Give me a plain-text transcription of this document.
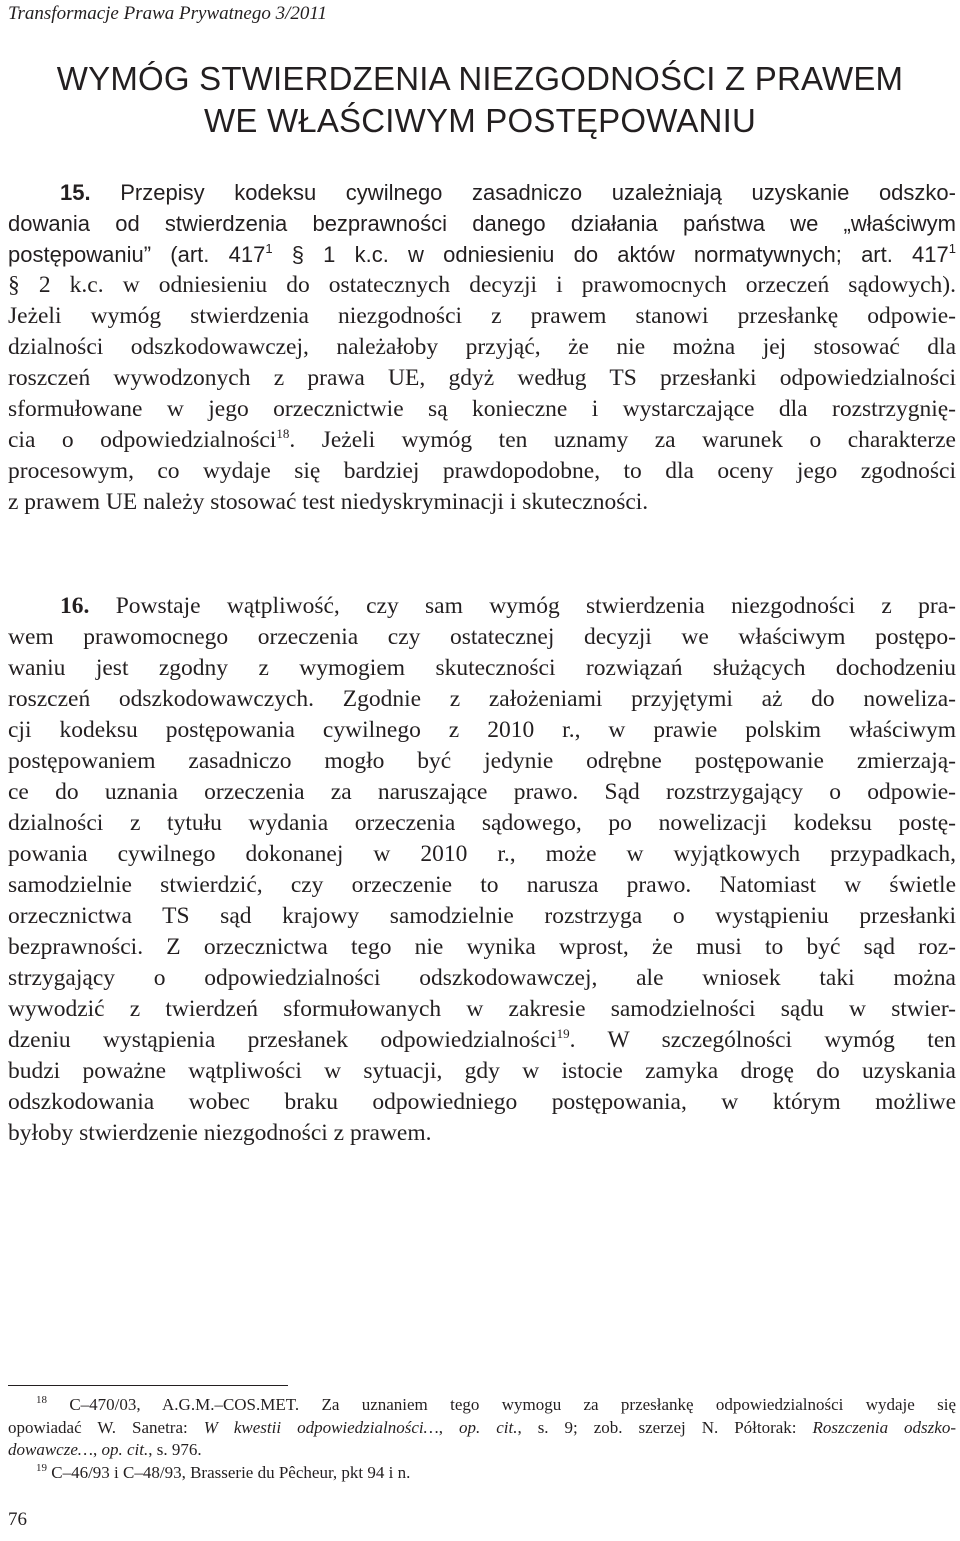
Transformacje Prawa Prywatnego 3/2011
WYMÓG STWIERDZENIA NIEZGODNOŚCI Z PRAWEM
WE WŁAŚCIWYM POSTĘPOWANIU
15. Przepisy kodeksu cywilnego zasadniczo uzależniają uzyskanie odszko-
dowania od stwierdzenia bezprawności danego działania państwa we „właściwym
postępowaniu” (art. $417^1$ § 1 k.c. w odniesieniu do aktów normatywnych; art. $417^1$
§ 2 k.c. w odniesieniu do ostatecznych decyzji i prawomocnych orzeczeń sądowych).
Jeżeli wymóg stwierdzenia niezgodności z prawem stanowi przesłankę odpowie-
dzialności odszkodowawczej, należałoby przyjąć, że nie można jej stosować dla
roszczeń wywodzonych z prawa UE, gdyż według TS przesłanki odpowiedzialności
sformułowane w jego orzecznictwie są konieczne i wystarczające dla rozstrzygnię-
cia o odpowiedzialności$^{18}$. Jeżeli wymóg ten uznamy za warunek o charakterze
procesowym, co wydaje się bardziej prawdopodobne, to dla oceny jego zgodności
z prawem UE należy stosować test niedyskryminacji i skuteczności.
16. Powstaje wątpliwość, czy sam wymóg stwierdzenia niezgodności z pra-
wem prawomocnego orzeczenia czy ostatecznej decyzji we właściwym postępo-
waniu jest zgodny z wymogiem skuteczności rozwiązań służących dochodzeniu
roszczeń odszkodowawczych. Zgodnie z założeniami przyjętymi aż do noweliza-
cji kodeksu postępowania cywilnego z 2010 r., w prawie polskim właściwym
postępowaniem zasadniczo mogło być jedynie odrębne postępowanie zmierzają-
ce do uznania orzeczenia za naruszające prawo. Sąd rozstrzygający o odpowie-
dzialności z tytułu wydania orzeczenia sądowego, po nowelizacji kodeksu postę-
powania cywilnego dokonanej w 2010 r., może w wyjątkowych przypadkach,
samodzielnie stwierdzić, czy orzeczenie to narusza prawo. Natomiast w świetle
orzecznictwa TS sąd krajowy samodzielnie rozstrzyga o wystąpieniu przesłanki
bezprawności. Z orzecznictwa tego nie wynika wprost, że musi to być sąd roz-
strzygający o odpowiedzialności odszkodowawczej, ale wniosek taki można
wywodzić z twierdzeń sformułowanych w zakresie samodzielności sądu w stwier-
dzeniu wystąpienia przesłanek odpowiedzialności$^{19}$. W szczególności wymóg ten
budzi poważne wątpliwości w sytuacji, gdy w istocie zamyka drogę do uzyskania
odszkodowania wobec braku odpowiedniego postępowania, w którym możliwe
byłoby stwierdzenie niezgodności z prawem.
$^{18}$ C–470/03, A.G.M.–COS.MET. Za uznaniem tego wymogu za przesłankę odpowiedzialności wydaje się
opowiadać W. Sanetra: W kwestii odpowiedzialności…, op. cit., s. 9; zob. szerzej N. Półtorak: Roszczenia odszko-
dowawcze…, op. cit., s. 976.
$^{19}$ C–46/93 i C–48/93, Brasserie du Pêcheur, pkt 94 i n.
76
